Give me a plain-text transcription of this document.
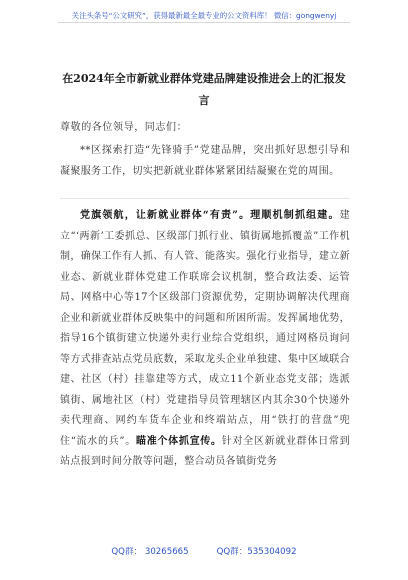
关注头条号“公文研究”，获得最新最全最专业的公文资料库！ 微信：gongwenyj
在2024年全市新就业群体党建品牌建设推进会上的汇报发言
尊敬的各位领导，同志们：
**区探索打造“先锋骑手”党建品牌，突出抓好思想引导和凝聚服务工作，切实把新就业群体紧紧团结凝聚在党的周围。
党旗领航，让新就业群体“有责”。理顺机制抓组建。建立“‘两新’工委抓总、区级部门抓行业、镇街属地抓覆盖”工作机制，确保工作有人抓、有人管、能落实。强化行业指导，建立新业态、新就业群体党建工作联席会议机制，整合政法委、运管局、网格中心等17个区级部门资源优势，定期协调解决代理商企业和新就业群体反映集中的问题和所困所需。发挥属地优势，指导16个镇街建立快递外卖行业综合党组织，通过网格员询问等方式排查站点党员底数，采取龙头企业单独建、集中区域联合建、社区（村）挂靠建等方式，成立11个新业态党支部；选派镇街、属地社区（村）党建指导员管理辖区内其余30个快递外卖代理商、网约车货车企业和终端站点，用“铁打的营盘”兜住“流水的兵”。瞄准个体抓宣传。针对全区新就业群体日常到站点报到时间分散等问题，整合动员各镇街党务
QQ群： 30265665	QQ群：535304092
